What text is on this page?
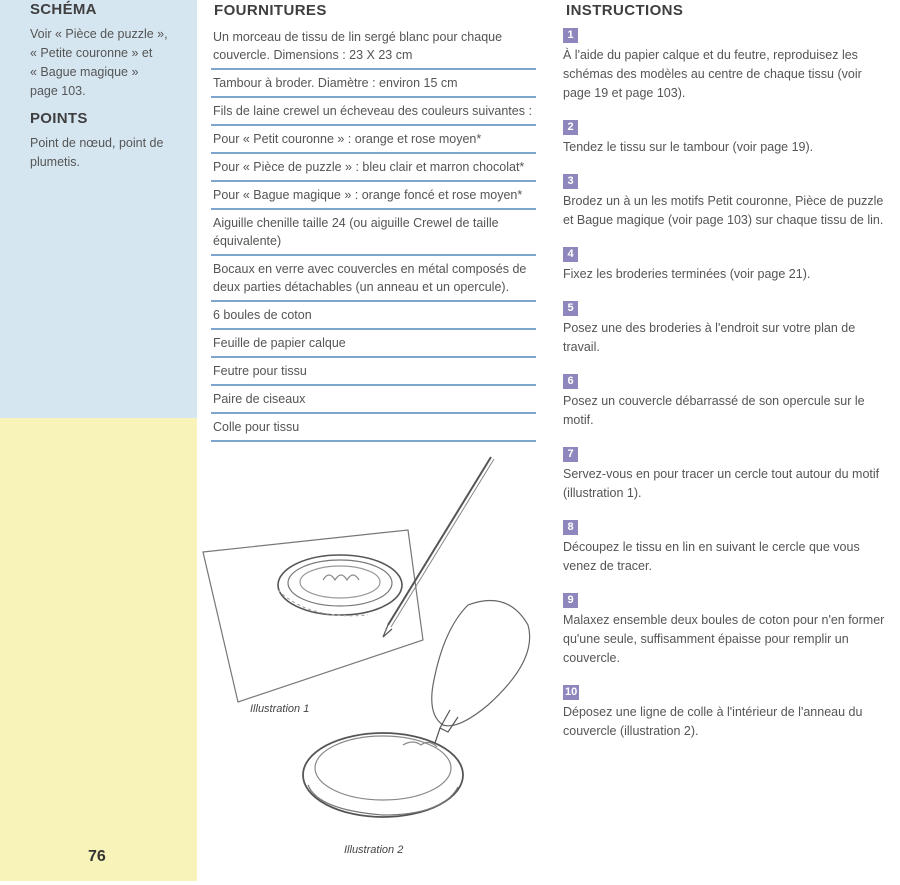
SCHÉMA
Voir « Pièce de puzzle »,
« Petite couronne » et
« Bague magique »
page 103.
POINTS
Point de nœud, point de
plumetis.
76
FOURNITURES
Un morceau de tissu de lin sergé blanc pour chaque couvercle. Dimensions : 23 X 23 cm
Tambour à broder. Diamètre : environ 15 cm
Fils de laine crewel un écheveau des couleurs suivantes :
Pour « Petit couronne » : orange et rose moyen*
Pour « Pièce de puzzle » : bleu clair et marron chocolat*
Pour « Bague magique » : orange foncé et rose moyen*
Aiguille chenille taille 24 (ou aiguille Crewel de taille équivalente)
Bocaux en verre avec couvercles en métal composés de deux parties détachables (un anneau et un opercule).
6 boules de coton
Feuille de papier calque
Feutre pour tissu
Paire de ciseaux
Colle pour tissu
INSTRUCTIONS
1
À l'aide du papier calque et du feutre, reproduisez les schémas des modèles au centre de chaque tissu (voir page 19 et page 103).
2
Tendez le tissu sur le tambour (voir page 19).
3
Brodez un à un les motifs Petit couronne, Pièce de puzzle et Bague magique (voir page 103) sur chaque tissu de lin.
4
Fixez les broderies terminées (voir page 21).
5
Posez une des broderies à l'endroit sur votre plan de travail.
6
Posez un couvercle débarrassé de son opercule sur le motif.
7
Servez-vous en pour tracer un cercle tout autour du motif (illustration 1).
8
Découpez le tissu en lin en suivant le cercle que vous venez de tracer.
9
Malaxez ensemble deux boules de coton pour n'en former qu'une seule, suffisamment épaisse pour remplir un couvercle.
10
Déposez une ligne de colle à l'intérieur de l'anneau du couvercle (illustration 2).
Illustration 1
Illustration 2
